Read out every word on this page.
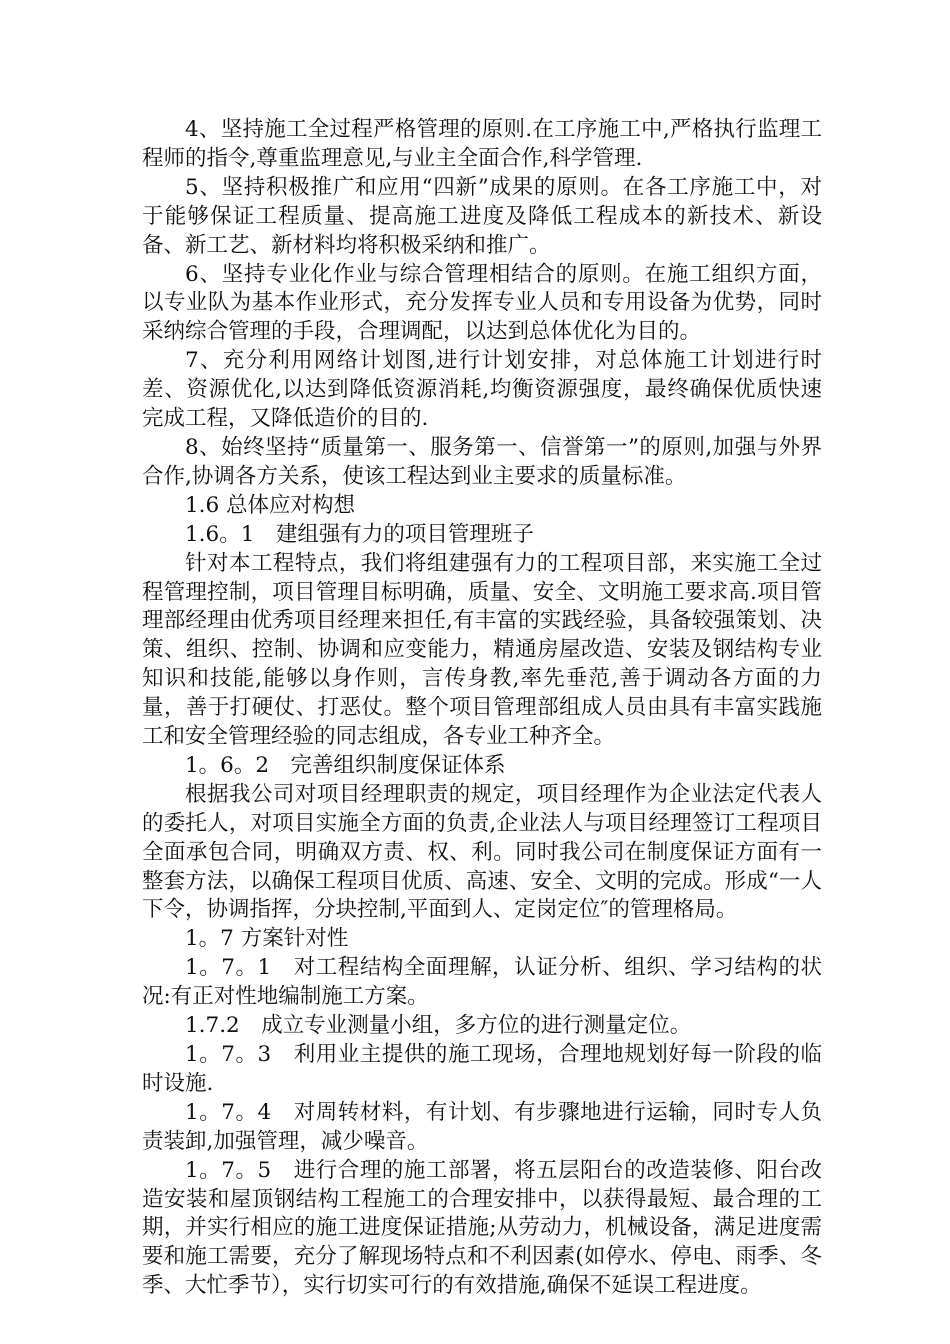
4、坚持施工全过程严格管理的原则.在工序施工中,严格执行监理工程师的指令,尊重监理意见,与业主全面合作,科学管理.

5、坚持积极推广和应用“四新”成果的原则。在各工序施工中，对于能够保证工程质量、提高施工进度及降低工程成本的新技术、新设备、新工艺、新材料均将积极采纳和推广。

6、坚持专业化作业与综合管理相结合的原则。在施工组织方面，以专业队为基本作业形式，充分发挥专业人员和专用设备为优势，同时采纳综合管理的手段，合理调配，以达到总体优化为目的。

7、充分利用网络计划图,进行计划安排，对总体施工计划进行时差、资源优化,以达到降低资源消耗,均衡资源强度，最终确保优质快速完成工程，又降低造价的目的.

8、始终坚持“质量第一、服务第一、信誉第一”的原则,加强与外界合作,协调各方关系，使该工程达到业主要求的质量标准。

1.6 总体应对构想

1.6。1　建组强有力的项目管理班子

针对本工程特点，我们将组建强有力的工程项目部，来实施工全过程管理控制，项目管理目标明确，质量、安全、文明施工要求高.项目管理部经理由优秀项目经理来担任,有丰富的实践经验，具备较强策划、决策、组织、控制、协调和应变能力，精通房屋改造、安装及钢结构专业知识和技能,能够以身作则，言传身教,率先垂范,善于调动各方面的力量，善于打硬仗、打恶仗。整个项目管理部组成人员由具有丰富实践施工和安全管理经验的同志组成，各专业工种齐全。

1。6。2　完善组织制度保证体系

根据我公司对项目经理职责的规定，项目经理作为企业法定代表人的委托人，对项目实施全方面的负责,企业法人与项目经理签订工程项目全面承包合同，明确双方责、权、利。同时我公司在制度保证方面有一整套方法，以确保工程项目优质、高速、安全、文明的完成。形成“一人下令，协调指挥，分块控制,平面到人、定岗定位″的管理格局。

1。7 方案针对性

1。7。1　对工程结构全面理解，认证分析、组织、学习结构的状况:有正对性地编制施工方案。

1.7.2　成立专业测量小组，多方位的进行测量定位。

1。7。3　利用业主提供的施工现场，合理地规划好每一阶段的临时设施.

1。7。4　对周转材料，有计划、有步骤地进行运输，同时专人负责装卸,加强管理，减少噪音。

1。7。5　进行合理的施工部署，将五层阳台的改造装修、阳台改造安装和屋顶钢结构工程施工的合理安排中，以获得最短、最合理的工期，并实行相应的施工进度保证措施;从劳动力，机械设备，满足进度需要和施工需要，充分了解现场特点和不利因素(如停水、停电、雨季、冬季、大忙季节），实行切实可行的有效措施,确保不延误工程进度。
